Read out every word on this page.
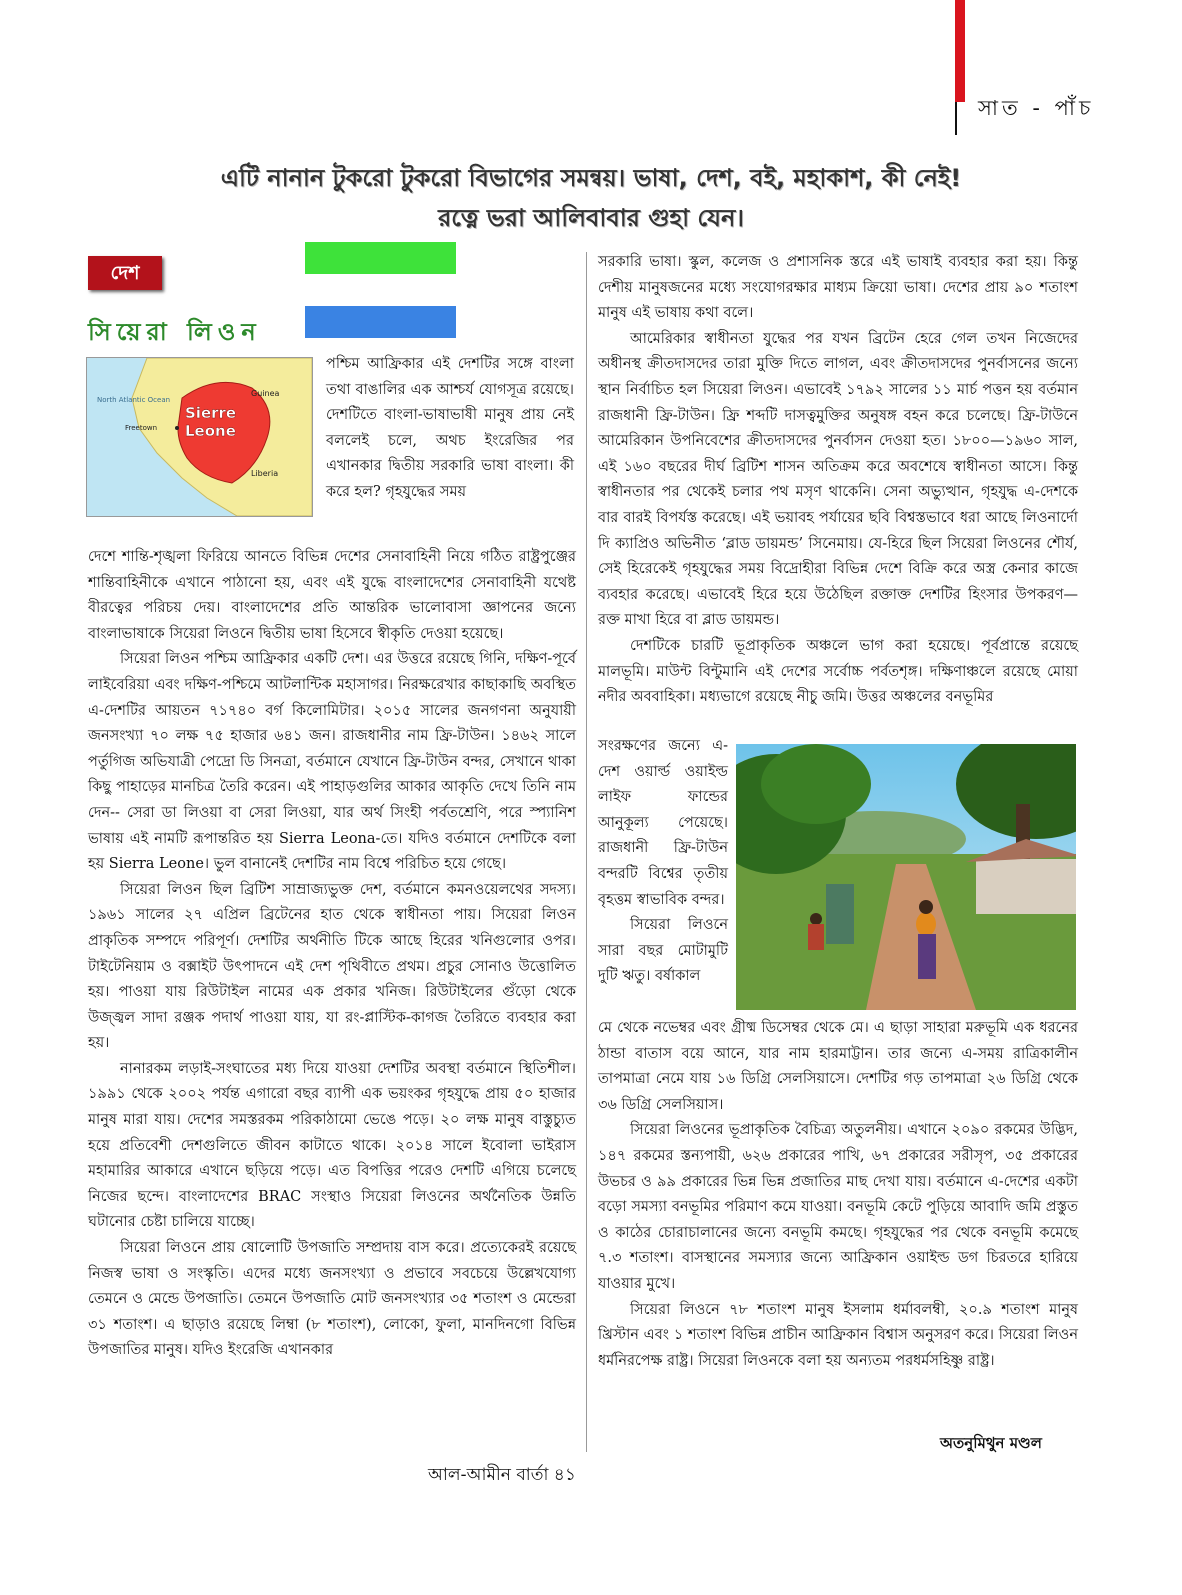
সাত - পাঁচ
এটি নানান টুকরো টুকরো বিভাগের সমন্বয়। ভাষা, দেশ, বই, মহাকাশ, কী নেই!
রত্নে ভরা আলিবাবার গুহা যেন।
দেশ
সিয়েরা লিওন
North Atlantic Ocean
Freetown
Guinea
Liberia
Sierre Leone

পশ্চিম আফ্রিকার এই দেশটির সঙ্গে বাংলা তথা বাঙালির এক আশ্চর্য যোগসূত্র রয়েছে। দেশটিতে বাংলা-ভাষাভাষী মানুষ প্রায় নেই বললেই চলে, অথচ ইংরেজির পর এখানকার দ্বিতীয় সরকারি ভাষা বাংলা। কী করে হল? গৃহযুদ্ধের সময়

দেশে শান্তি-শৃঙ্খলা ফিরিয়ে আনতে বিভিন্ন দেশের সেনাবাহিনী নিয়ে গঠিত রাষ্ট্রপুঞ্জের শান্তিবাহিনীকে এখানে পাঠানো হয়, এবং এই যুদ্ধে বাংলাদেশের সেনাবাহিনী যথেষ্ট বীরত্বের পরিচয় দেয়। বাংলাদেশের প্রতি আন্তরিক ভালোবাসা জ্ঞাপনের জন্যে বাংলাভাষাকে সিয়েরা লিওনে দ্বিতীয় ভাষা হিসেবে স্বীকৃতি দেওয়া হয়েছে।

সিয়েরা লিওন পশ্চিম আফ্রিকার একটি দেশ। এর উত্তরে রয়েছে গিনি, দক্ষিণ-পূর্বে লাইবেরিয়া এবং দক্ষিণ-পশ্চিমে আটলান্টিক মহাসাগর। নিরক্ষরেখার কাছাকাছি অবস্থিত এ-দেশটির আয়তন ৭১৭৪০ বর্গ কিলোমিটার। ২০১৫ সালের জনগণনা অনুযায়ী জনসংখ্যা ৭০ লক্ষ ৭৫ হাজার ৬৪১ জন। রাজধানীর নাম ফ্রি-টাউন। ১৪৬২ সালে পর্তুগিজ অভিযাত্রী পেদ্রো ডি সিনত্রা, বর্তমানে যেখানে ফ্রি-টাউন বন্দর, সেখানে থাকা কিছু পাহাড়ের মানচিত্র তৈরি করেন। এই পাহাড়গুলির আকার আকৃতি দেখে তিনি নাম দেন-- সেরা ডা লিওয়া বা সেরা লিওয়া, যার অর্থ সিংহী পর্বতশ্রেণি, পরে স্প্যানিশ ভাষায় এই নামটি রূপান্তরিত হয় Sierra Leona-তে। যদিও বর্তমানে দেশটিকে বলা হয় Sierra Leone। ভুল বানানেই দেশটির নাম বিশ্বে পরিচিত হয়ে গেছে।

সিয়েরা লিওন ছিল ব্রিটিশ সাম্রাজ্যভুক্ত দেশ, বর্তমানে কমনওয়েলথের সদস্য। ১৯৬১ সালের ২৭ এপ্রিল ব্রিটেনের হাত থেকে স্বাধীনতা পায়। সিয়েরা লিওন প্রাকৃতিক সম্পদে পরিপূর্ণ। দেশটির অর্থনীতি টিকে আছে হিরের খনিগুলোর ওপর। টাইটেনিয়াম ও বক্সাইট উৎপাদনে এই দেশ পৃথিবীতে প্রথম। প্রচুর সোনাও উত্তোলিত হয়। পাওয়া যায় রিউটাইল নামের এক প্রকার খনিজ। রিউটাইলের গুঁড়ো থেকে উজ্জ্বল সাদা রঞ্জক পদার্থ পাওয়া যায়, যা রং-প্লাস্টিক-কাগজ তৈরিতে ব্যবহার করা হয়।

নানারকম লড়াই-সংঘাতের মধ্য দিয়ে যাওয়া দেশটির অবস্থা বর্তমানে স্থিতিশীল। ১৯৯১ থেকে ২০০২ পর্যন্ত এগারো বছর ব্যাপী এক ভয়ংকর গৃহযুদ্ধে প্রায় ৫০ হাজার মানুষ মারা যায়। দেশের সমস্তরকম পরিকাঠামো ভেঙে পড়ে। ২০ লক্ষ মানুষ বাস্তুচ্যুত হয়ে প্রতিবেশী দেশগুলিতে জীবন কাটাতে থাকে। ২০১৪ সালে ইবোলা ভাইরাস মহামারির আকারে এখানে ছড়িয়ে পড়ে। এত বিপত্তির পরেও দেশটি এগিয়ে চলেছে নিজের ছন্দে। বাংলাদেশের BRAC সংস্থাও সিয়েরা লিওনের অর্থনৈতিক উন্নতি ঘটানোর চেষ্টা চালিয়ে যাচ্ছে।

সিয়েরা লিওনে প্রায় ষোলোটি উপজাতি সম্প্রদায় বাস করে। প্রত্যেকেরই রয়েছে নিজস্ব ভাষা ও সংস্কৃতি। এদের মধ্যে জনসংখ্যা ও প্রভাবে সবচেয়ে উল্লেখযোগ্য তেমনে ও মেন্ডে উপজাতি। তেমনে উপজাতি মোট জনসংখ্যার ৩৫ শতাংশ ও মেন্ডেরা ৩১ শতাংশ। এ ছাড়াও রয়েছে লিম্বা (৮ শতাংশ), লোকো, ফুলা, মানদিনগো বিভিন্ন উপজাতির মানুষ। যদিও ইংরেজি এখানকার

সরকারি ভাষা। স্কুল, কলেজ ও প্রশাসনিক স্তরে এই ভাষাই ব্যবহার করা হয়। কিন্তু দেশীয় মানুষজনের মধ্যে সংযোগরক্ষার মাধ্যম ক্রিয়ো ভাষা। দেশের প্রায় ৯০ শতাংশ মানুষ এই ভাষায় কথা বলে।

আমেরিকার স্বাধীনতা যুদ্ধের পর যখন ব্রিটেন হেরে গেল তখন নিজেদের অধীনস্থ ক্রীতদাসদের তারা মুক্তি দিতে লাগল, এবং ক্রীতদাসদের পুনর্বাসনের জন্যে স্থান নির্বাচিত হল সিয়েরা লিওন। এভাবেই ১৭৯২ সালের ১১ মার্চ পত্তন হয় বর্তমান রাজধানী ফ্রি-টাউন। ফ্রি শব্দটি দাসত্বমুক্তির অনুষঙ্গ বহন করে চলেছে। ফ্রি-টাউনে আমেরিকান উপনিবেশের ক্রীতদাসদের পুনর্বাসন দেওয়া হত। ১৮০০—১৯৬০ সাল, এই ১৬০ বছরের দীর্ঘ ব্রিটিশ শাসন অতিক্রম করে অবশেষে স্বাধীনতা আসে। কিন্তু স্বাধীনতার পর থেকেই চলার পথ মসৃণ থাকেনি। সেনা অভ্যুত্থান, গৃহযুদ্ধ এ-দেশকে বার বারই বিপর্যস্ত করেছে। এই ভয়াবহ পর্যায়ের ছবি বিশ্বস্তভাবে ধরা আছে লিওনার্দো দি ক্যাপ্রিও অভিনীত ‘ব্লাড ডায়মন্ড’ সিনেমায়। যে-হিরে ছিল সিয়েরা লিওনের শৌর্য, সেই হিরেকেই গৃহযুদ্ধের সময় বিদ্রোহীরা বিভিন্ন দেশে বিক্রি করে অস্ত্র কেনার কাজে ব্যবহার করেছে। এভাবেই হিরে হয়ে উঠেছিল রক্তাক্ত দেশটির হিংসার উপকরণ— রক্ত মাখা হিরে বা ব্লাড ডায়মন্ড।

দেশটিকে চারটি ভূপ্রাকৃতিক অঞ্চলে ভাগ করা হয়েছে। পূর্বপ্রান্তে রয়েছে মালভূমি। মাউন্ট বিন্টুমানি এই দেশের সর্বোচ্চ পর্বতশৃঙ্গ। দক্ষিণাঞ্চলে রয়েছে মোয়া নদীর অববাহিকা। মধ্যভাগে রয়েছে নীচু জমি। উত্তর অঞ্চলের বনভূমির

সংরক্ষণের জন্যে এ-দেশ ওয়ার্ল্ড ওয়াইল্ড লাইফ ফান্ডের আনুকূল্য পেয়েছে। রাজধানী ফ্রি-টাউন বন্দরটি বিশ্বের তৃতীয় বৃহত্তম স্বাভাবিক বন্দর।

সিয়েরা লিওনে সারা বছর মোটামুটি দুটি ঋতু। বর্ষাকাল

মে থেকে নভেম্বর এবং গ্রীষ্ম ডিসেম্বর থেকে মে। এ ছাড়া সাহারা মরুভূমি এক ধরনের ঠান্ডা বাতাস বয়ে আনে, যার নাম হারমাট্টান। তার জন্যে এ-সময় রাত্রিকালীন তাপমাত্রা নেমে যায় ১৬ ডিগ্রি সেলসিয়াসে। দেশটির গড় তাপমাত্রা ২৬ ডিগ্রি থেকে ৩৬ ডিগ্রি সেলসিয়াস।

সিয়েরা লিওনের ভূপ্রাকৃতিক বৈচিত্র্য অতুলনীয়। এখানে ২০৯০ রকমের উদ্ভিদ, ১৪৭ রকমের স্তন্যপায়ী, ৬২৬ প্রকারের পাখি, ৬৭ প্রকারের সরীসৃপ, ৩৫ প্রকারের উভচর ও ৯৯ প্রকারের ভিন্ন ভিন্ন প্রজাতির মাছ দেখা যায়। বর্তমানে এ-দেশের একটা বড়ো সমস্যা বনভূমির পরিমাণ কমে যাওয়া। বনভূমি কেটে পুড়িয়ে আবাদি জমি প্রস্তুত ও কাঠের চোরাচালানের জন্যে বনভূমি কমছে। গৃহযুদ্ধের পর থেকে বনভূমি কমেছে ৭.৩ শতাংশ। বাসস্থানের সমস্যার জন্যে আফ্রিকান ওয়াইল্ড ডগ চিরতরে হারিয়ে যাওয়ার মুখে।

সিয়েরা লিওনে ৭৮ শতাংশ মানুষ ইসলাম ধর্মাবলম্বী, ২০.৯ শতাংশ মানুষ খ্রিস্টান এবং ১ শতাংশ বিভিন্ন প্রাচীন আফ্রিকান বিশ্বাস অনুসরণ করে। সিয়েরা লিওন ধর্মনিরপেক্ষ রাষ্ট্র। সিয়েরা লিওনকে বলা হয় অন্যতম পরধর্মসহিষ্ণু রাষ্ট্র।

অতনুমিথুন মণ্ডল
আল-আমীন বার্তা ৪১
